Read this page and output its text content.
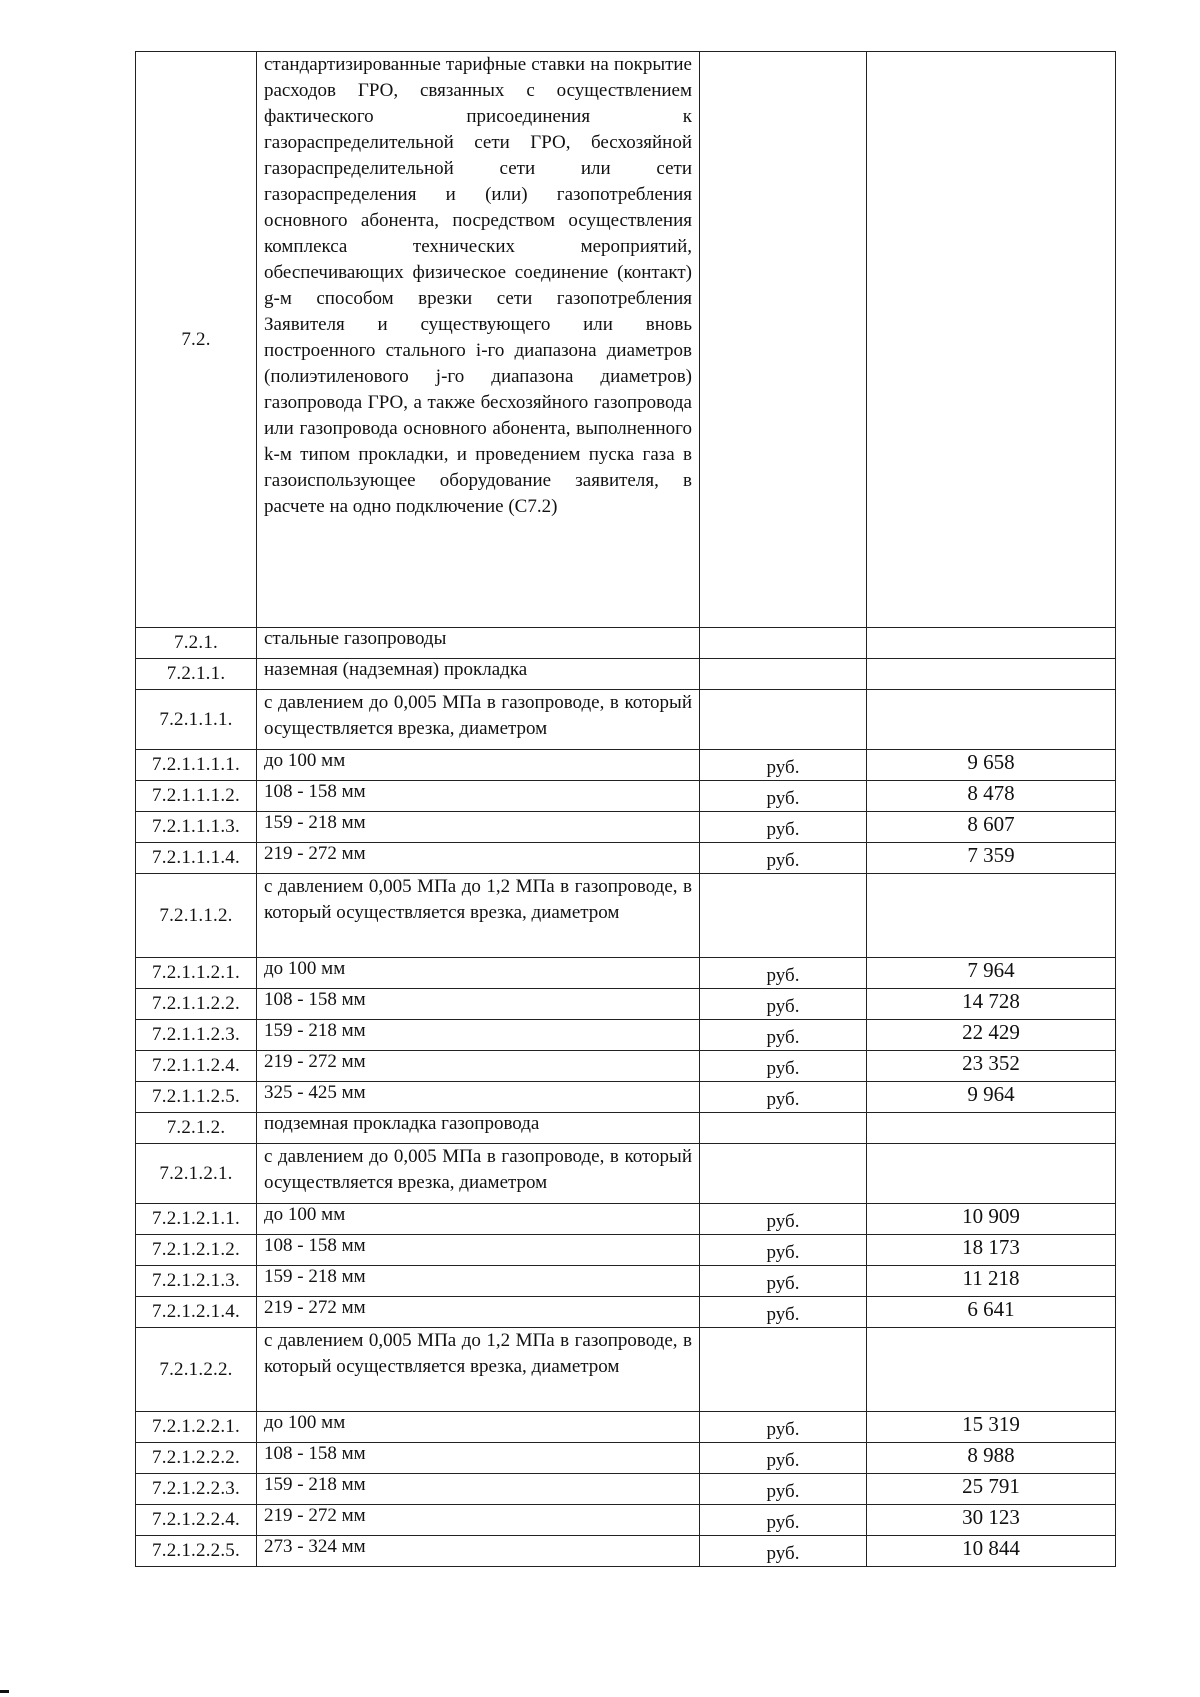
7.2.	стандартизированные тарифные ставки на покрытие расходов ГРО, связанных с осуществлением фактического присоединения к газораспределительной сети ГРО, бесхозяйной газораспределительной сети или сети газораспределения и (или) газопотребления основного абонента, посредством осуществления комплекса технических мероприятий, обеспечивающих физическое соединение (контакт) g-м способом врезки сети газопотребления Заявителя и существующего или вновь построенного стального i-го диапазона диаметров (полиэтиленового j-го диапазона диаметров) газопровода ГРО, а также бесхозяйного газопровода или газопровода основного абонента, выполненного k-м типом прокладки, и проведением пуска газа в газоиспользующее оборудование заявителя, в расчете на одно подключение (С7.2)		
7.2.1.	стальные газопроводы		
7.2.1.1.	наземная (надземная) прокладка		
7.2.1.1.1.	с давлением до 0,005 МПа в газопроводе, в который осуществляется врезка, диаметром		
7.2.1.1.1.1.	до 100 мм	руб.	9 658
7.2.1.1.1.2.	108 - 158 мм	руб.	8 478
7.2.1.1.1.3.	159 - 218 мм	руб.	8 607
7.2.1.1.1.4.	219 - 272 мм	руб.	7 359
7.2.1.1.2.	с давлением 0,005 МПа до 1,2 МПа в газопроводе, в который осуществляется врезка, диаметром		
7.2.1.1.2.1.	до 100 мм	руб.	7 964
7.2.1.1.2.2.	108 - 158 мм	руб.	14 728
7.2.1.1.2.3.	159 - 218 мм	руб.	22 429
7.2.1.1.2.4.	219 - 272 мм	руб.	23 352
7.2.1.1.2.5.	325 - 425 мм	руб.	9 964
7.2.1.2.	подземная прокладка газопровода		
7.2.1.2.1.	с давлением до 0,005 МПа в газопроводе, в который осуществляется врезка, диаметром		
7.2.1.2.1.1.	до 100 мм	руб.	10 909
7.2.1.2.1.2.	108 - 158 мм	руб.	18 173
7.2.1.2.1.3.	159 - 218 мм	руб.	11 218
7.2.1.2.1.4.	219 - 272 мм	руб.	6 641
7.2.1.2.2.	с давлением 0,005 МПа до 1,2 МПа в газопроводе, в который осуществляется врезка, диаметром		
7.2.1.2.2.1.	до 100 мм	руб.	15 319
7.2.1.2.2.2.	108 - 158 мм	руб.	8 988
7.2.1.2.2.3.	159 - 218 мм	руб.	25 791
7.2.1.2.2.4.	219 - 272 мм	руб.	30 123
7.2.1.2.2.5.	273 - 324 мм	руб.	10 844
